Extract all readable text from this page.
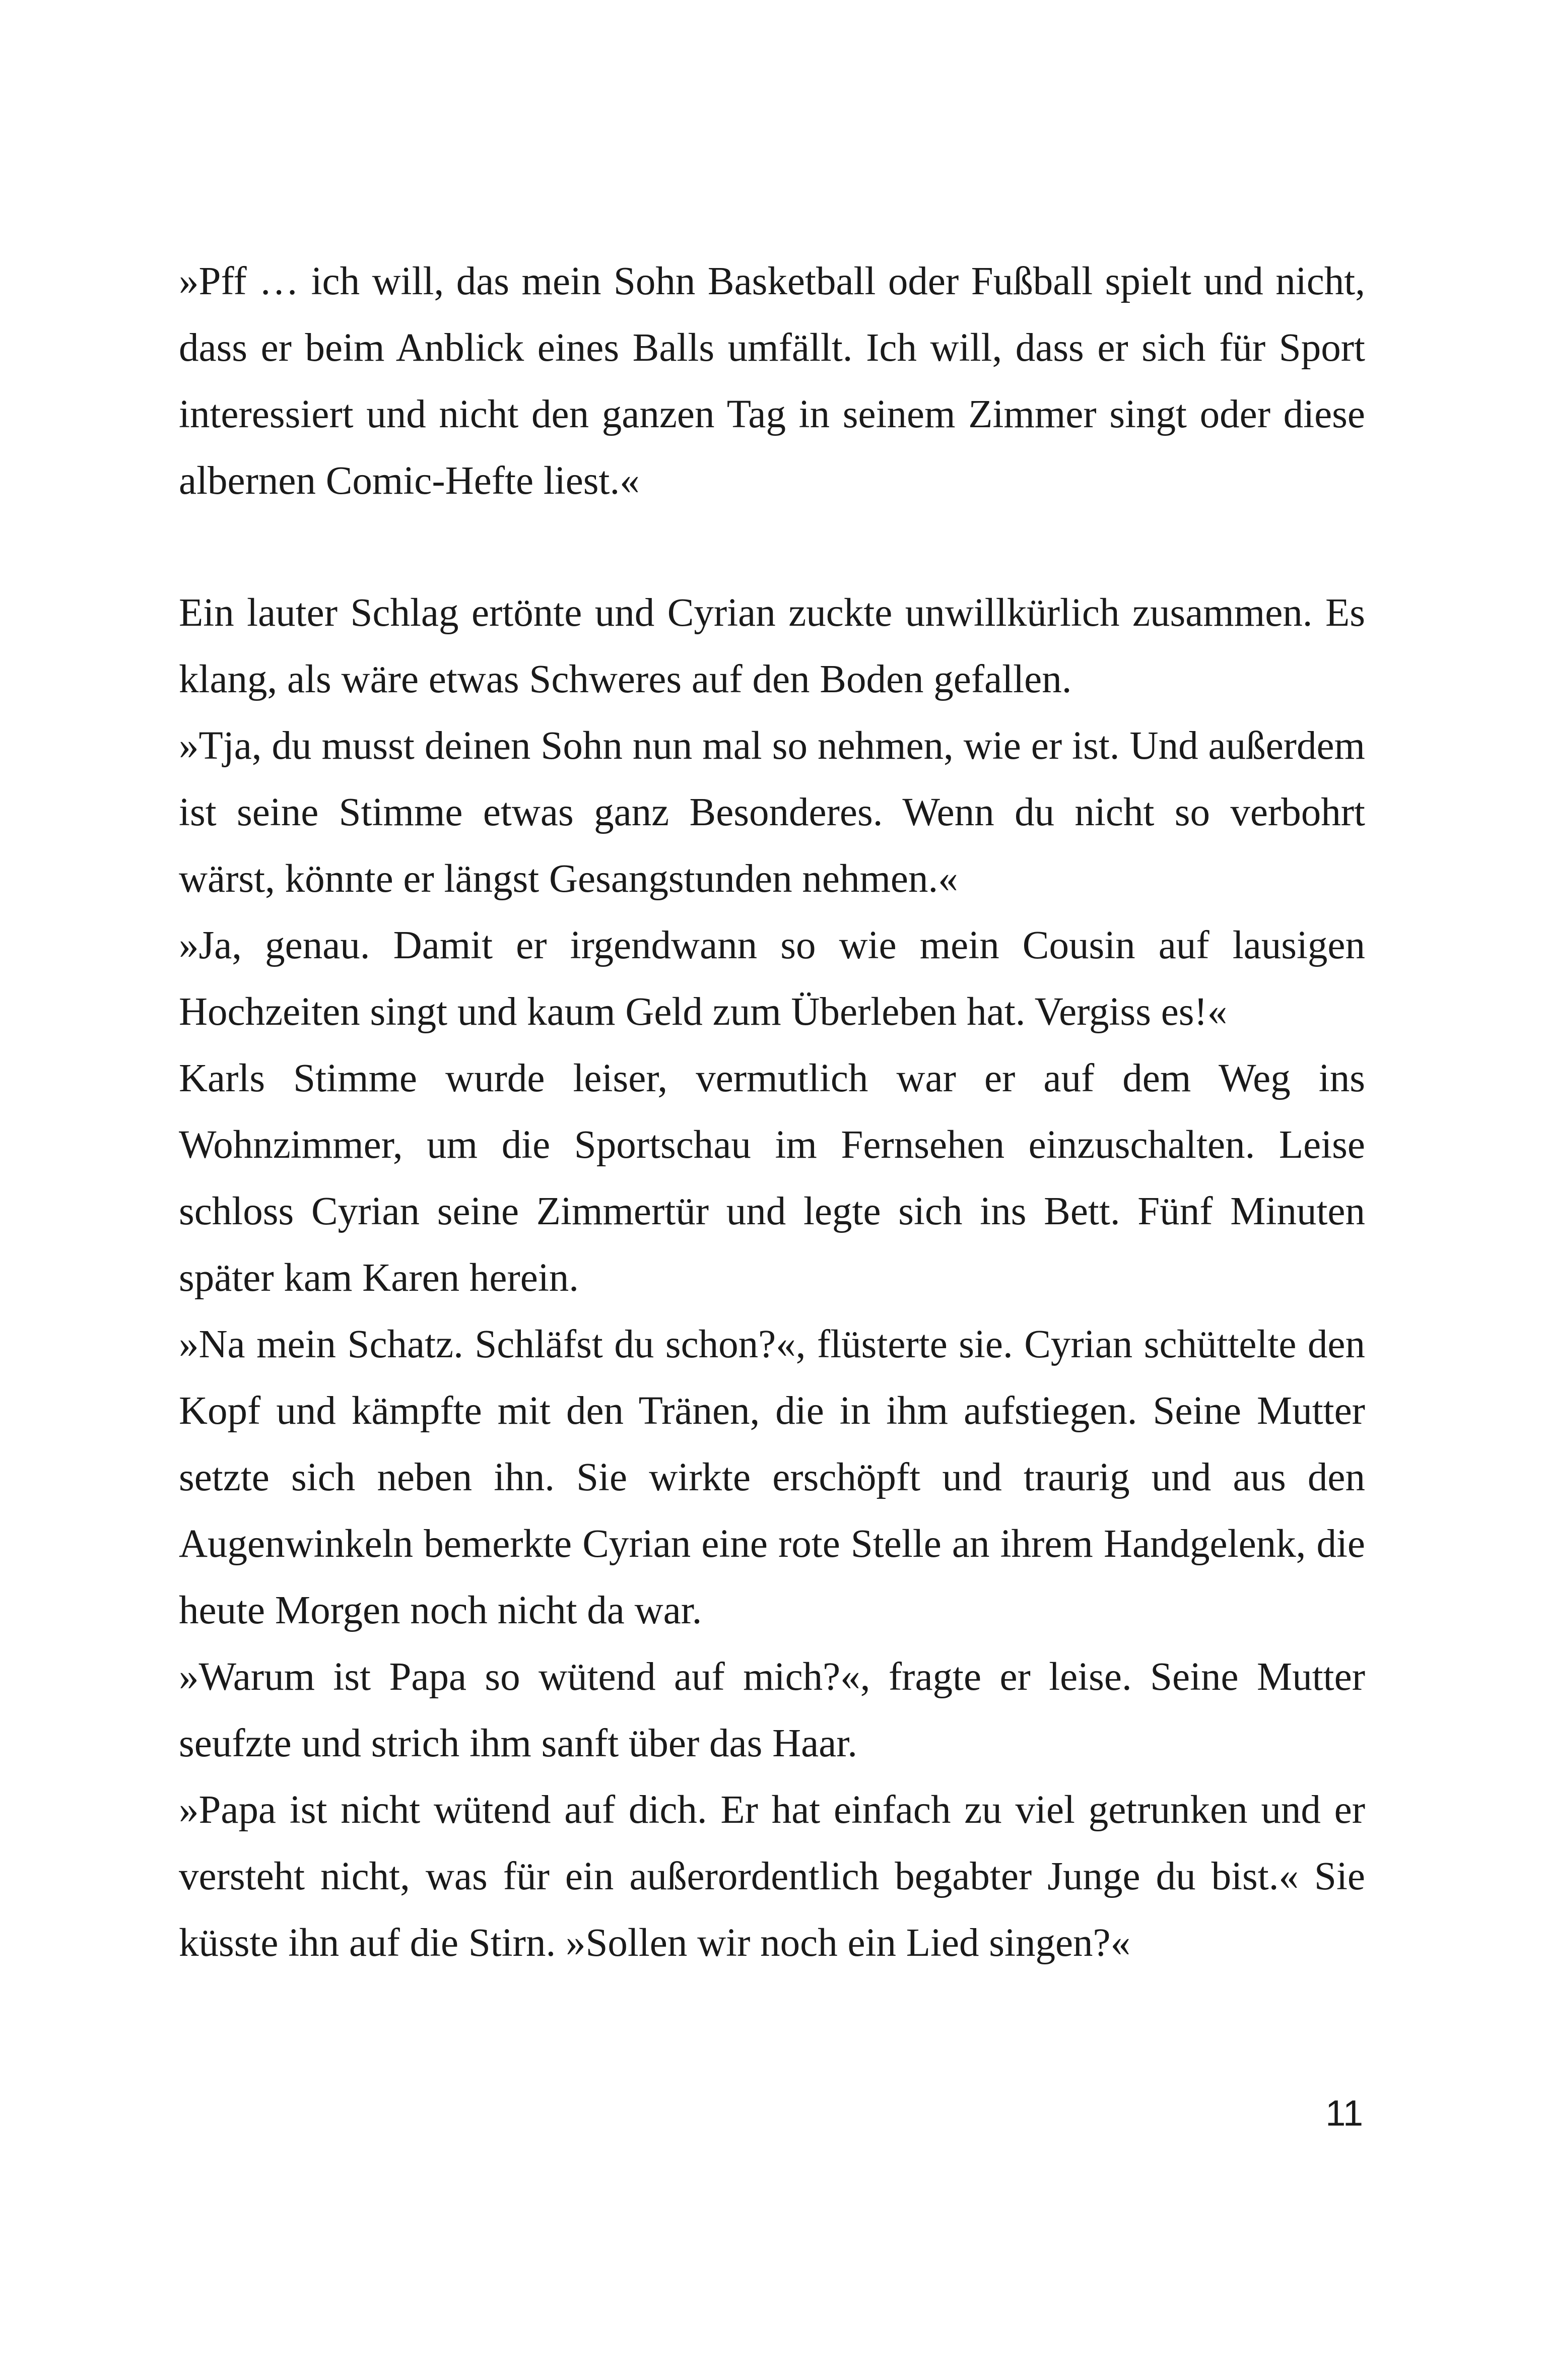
»Pff … ich will, das mein Sohn Basketball oder Fußball spielt und nicht, dass er beim Anblick eines Balls umfällt. Ich will, dass er sich für Sport interessiert und nicht den ganzen Tag in seinem Zimmer singt oder diese albernen Comic-Hefte liest.«

Ein lauter Schlag ertönte und Cyrian zuckte unwillkürlich zusammen. Es klang, als wäre etwas Schweres auf den Boden gefallen.

»Tja, du musst deinen Sohn nun mal so nehmen, wie er ist. Und außerdem ist seine Stimme etwas ganz Besonderes. Wenn du nicht so verbohrt wärst, könnte er längst Gesangstunden nehmen.«

»Ja, genau. Damit er irgendwann so wie mein Cousin auf lausigen Hochzeiten singt und kaum Geld zum Überleben hat. Vergiss es!«

Karls Stimme wurde leiser, vermutlich war er auf dem Weg ins Wohnzimmer, um die Sportschau im Fernsehen einzuschalten. Leise schloss Cyrian seine Zimmertür und legte sich ins Bett. Fünf Minuten später kam Karen herein.

»Na mein Schatz. Schläfst du schon?«, flüsterte sie. Cyrian schüttelte den Kopf und kämpfte mit den Tränen, die in ihm aufstiegen. Seine Mutter setzte sich neben ihn. Sie wirkte erschöpft und traurig und aus den Augenwinkeln bemerkte Cyrian eine rote Stelle an ihrem Handgelenk, die heute Morgen noch nicht da war.

»Warum ist Papa so wütend auf mich?«, fragte er leise. Seine Mutter seufzte und strich ihm sanft über das Haar.

»Papa ist nicht wütend auf dich. Er hat einfach zu viel getrunken und er versteht nicht, was für ein außerordentlich begabter Junge du bist.« Sie küsste ihn auf die Stirn. »Sollen wir noch ein Lied singen?«

11
